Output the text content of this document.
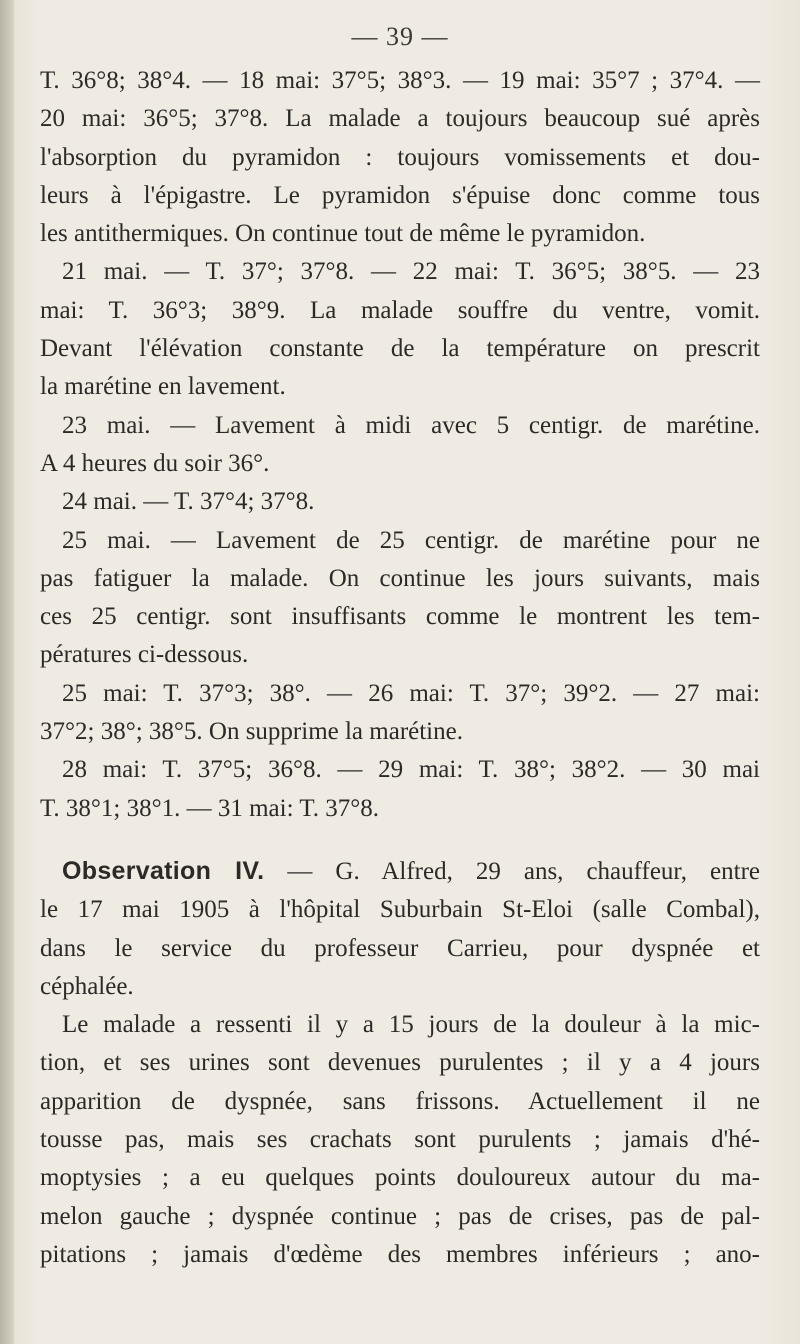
— 39 —

T. 36°8; 38°4. — 18 mai: 37°5; 38°3. — 19 mai: 35°7 ; 37°4. —
20 mai: 36°5; 37°8. La malade a toujours beaucoup sué après
l'absorption du pyramidon : toujours vomissements et dou-
leurs à l'épigastre. Le pyramidon s'épuise donc comme tous
les antithermiques. On continue tout de même le pyramidon.

21 mai. — T. 37°; 37°8. — 22 mai: T. 36°5; 38°5. — 23
mai: T. 36°3; 38°9. La malade souffre du ventre, vomit.
Devant l'élévation constante de la température on prescrit
la marétine en lavement.

23 mai. — Lavement à midi avec 5 centigr. de marétine.
A 4 heures du soir 36°.

24 mai. — T. 37°4; 37°8.

25 mai. — Lavement de 25 centigr. de marétine pour ne
pas fatiguer la malade. On continue les jours suivants, mais
ces 25 centigr. sont insuffisants comme le montrent les tem-
pératures ci-dessous.

25 mai: T. 37°3; 38°. — 26 mai: T. 37°; 39°2. — 27 mai:
37°2; 38°; 38°5. On supprime la marétine.

28 mai: T. 37°5; 36°8. — 29 mai: T. 38°; 38°2. — 30 mai
T. 38°1; 38°1. — 31 mai: T. 37°8.

Observation IV. — G. Alfred, 29 ans, chauffeur, entre
le 17 mai 1905 à l'hôpital Suburbain St-Eloi (salle Combal),
dans le service du professeur Carrieu, pour dyspnée et
céphalée.

Le malade a ressenti il y a 15 jours de la douleur à la mic-
tion, et ses urines sont devenues purulentes ; il y a 4 jours
apparition de dyspnée, sans frissons. Actuellement il ne
tousse pas, mais ses crachats sont purulents ; jamais d'hé-
moptysies ; a eu quelques points douloureux autour du ma-
melon gauche ; dyspnée continue ; pas de crises, pas de pal-
pitations ; jamais d'œdème des membres inférieurs ; ano-
